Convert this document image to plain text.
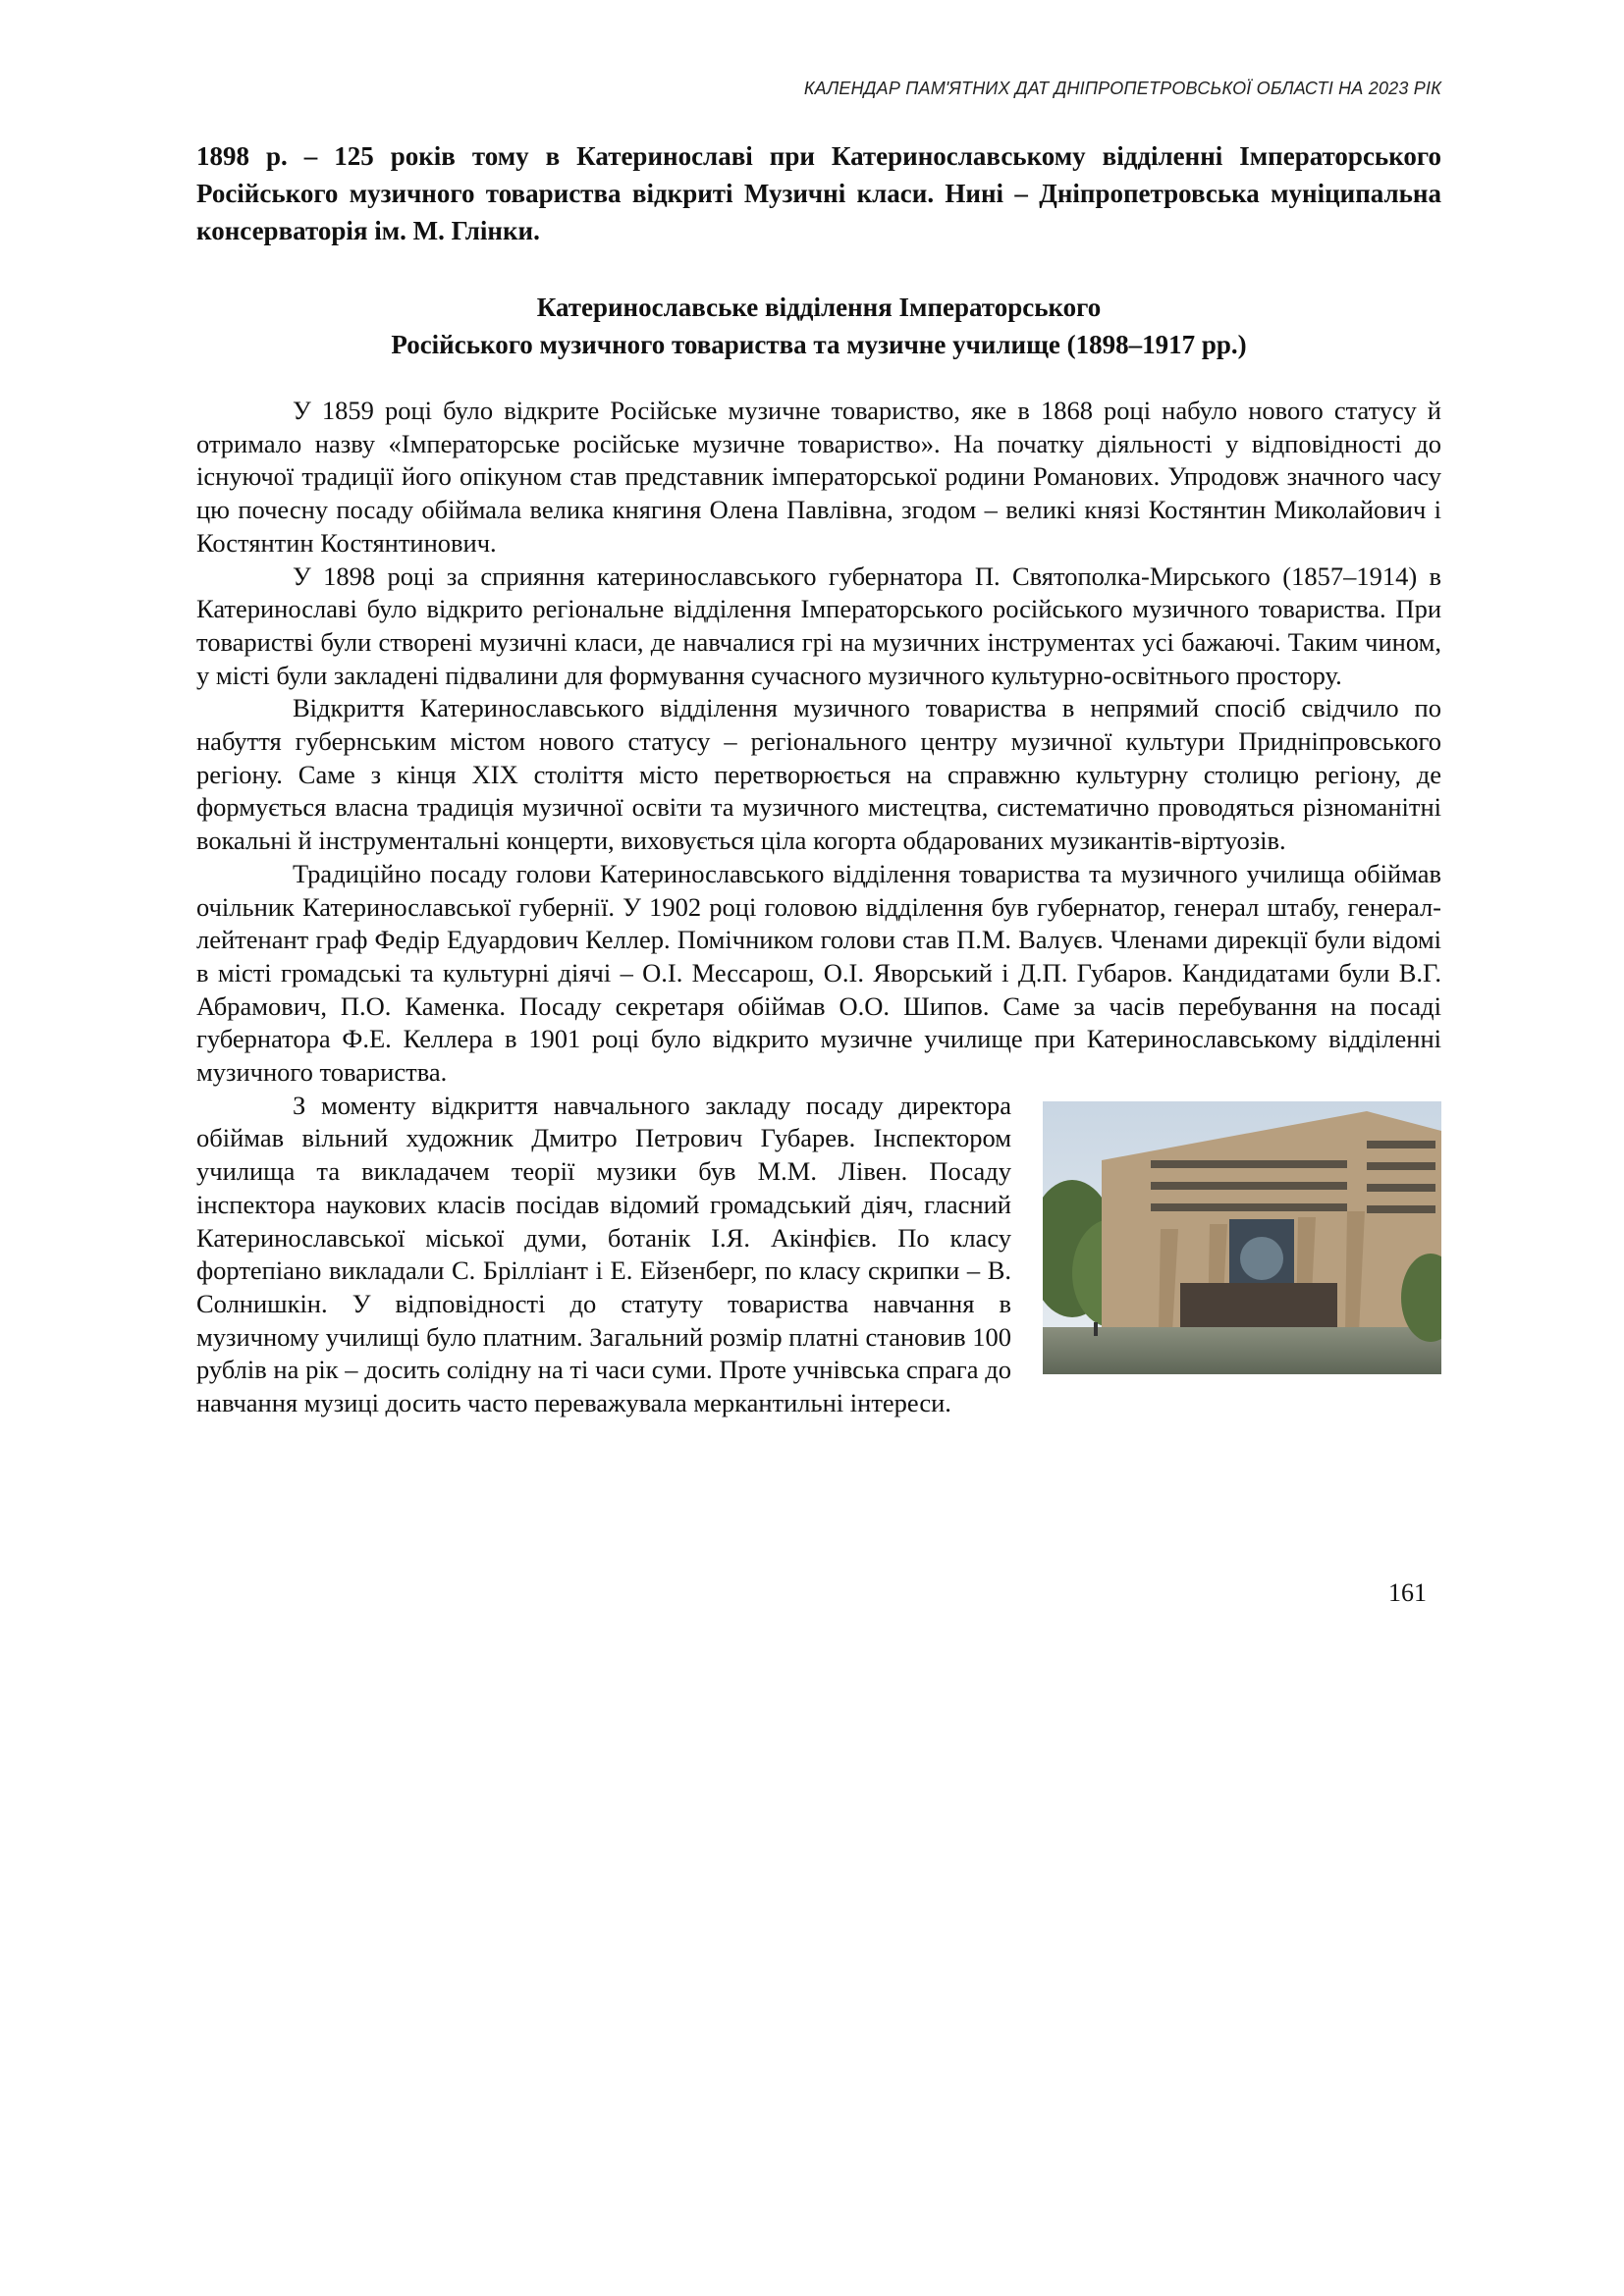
КАЛЕНДАР ПАМ'ЯТНИХ ДАТ ДНІПРОПЕТРОВСЬКОЇ ОБЛАСТІ НА 2023 РІК

1898 р. – 125 років тому в Катеринославі при Катеринославському відділенні Імператорського Російського музичного товариства відкриті Музичні класи. Нині – Дніпропетровська муніципальна консерваторія ім. М. Глінки.

Катеринославське відділення Імператорського
Російського музичного товариства та музичне училище (1898–1917 рр.)

У 1859 році було відкрите Російське музичне товариство, яке в 1868 році набуло нового статусу й отримало назву «Імператорське російське музичне товариство». На початку діяльності у відповідності до існуючої традиції його опікуном став представник імператорської родини Романових. Упродовж значного часу цю почесну посаду обіймала велика княгиня Олена Павлівна, згодом – великі князі Костянтин Миколайович і Костянтин Костянтинович.

У 1898 році за сприяння катеринославського губернатора П. Святополка-Мирського (1857–1914) в Катеринославі було відкрито регіональне відділення Імператорського російського музичного товариства. При товаристві були створені музичні класи, де навчалися грі на музичних інструментах усі бажаючі. Таким чином, у місті були закладені підвалини для формування сучасного музичного культурно-освітнього простору.

Відкриття Катеринославського відділення музичного товариства в непрямий спосіб свідчило по набуття губернським містом нового статусу – регіонального центру музичної культури Придніпровського регіону. Саме з кінця XIX століття місто перетворюється на справжню культурну столицю регіону, де формується власна традиція музичної освіти та музичного мистецтва, систематично проводяться різноманітні вокальні й інструментальні концерти, виховується ціла когорта обдарованих музикантів-віртуозів.

Традиційно посаду голови Катеринославського відділення товариства та музичного училища обіймав очільник Катеринославської губернії. У 1902 році головою відділення був губернатор, генерал штабу, генерал-лейтенант граф Федір Едуардович Келлер. Помічником голови став П.М. Валуєв. Членами дирекції були відомі в місті громадські та культурні діячі – О.І. Мессарош, О.І. Яворський і Д.П. Губаров. Кандидатами були В.Г. Абрамович, П.О. Каменка. Посаду секретаря обіймав О.О. Шипов. Саме за часів перебування на посаді губернатора Ф.Е. Келлера в 1901 році було відкрито музичне училище при Катеринославському відділенні музичного товариства.

З моменту відкриття навчального закладу посаду директора обіймав вільний художник Дмитро Петрович Губарев. Інспектором училища та викладачем теорії музики був М.М. Лівен. Посаду інспектора наукових класів посідав відомий громадський діяч, гласний Катеринославської міської думи, ботанік І.Я. Акінфієв. По класу фортепіано викладали С. Брілліант і Е. Ейзенберг, по класу скрипки – В. Солнишкін. У відповідності до статуту товариства навчання в музичному училищі було платним. Загальний розмір платні становив 100 рублів на рік – досить солідну на ті часи суми. Проте учнівська спрага до навчання музиці досить часто переважувала меркантильні інтереси.

161
